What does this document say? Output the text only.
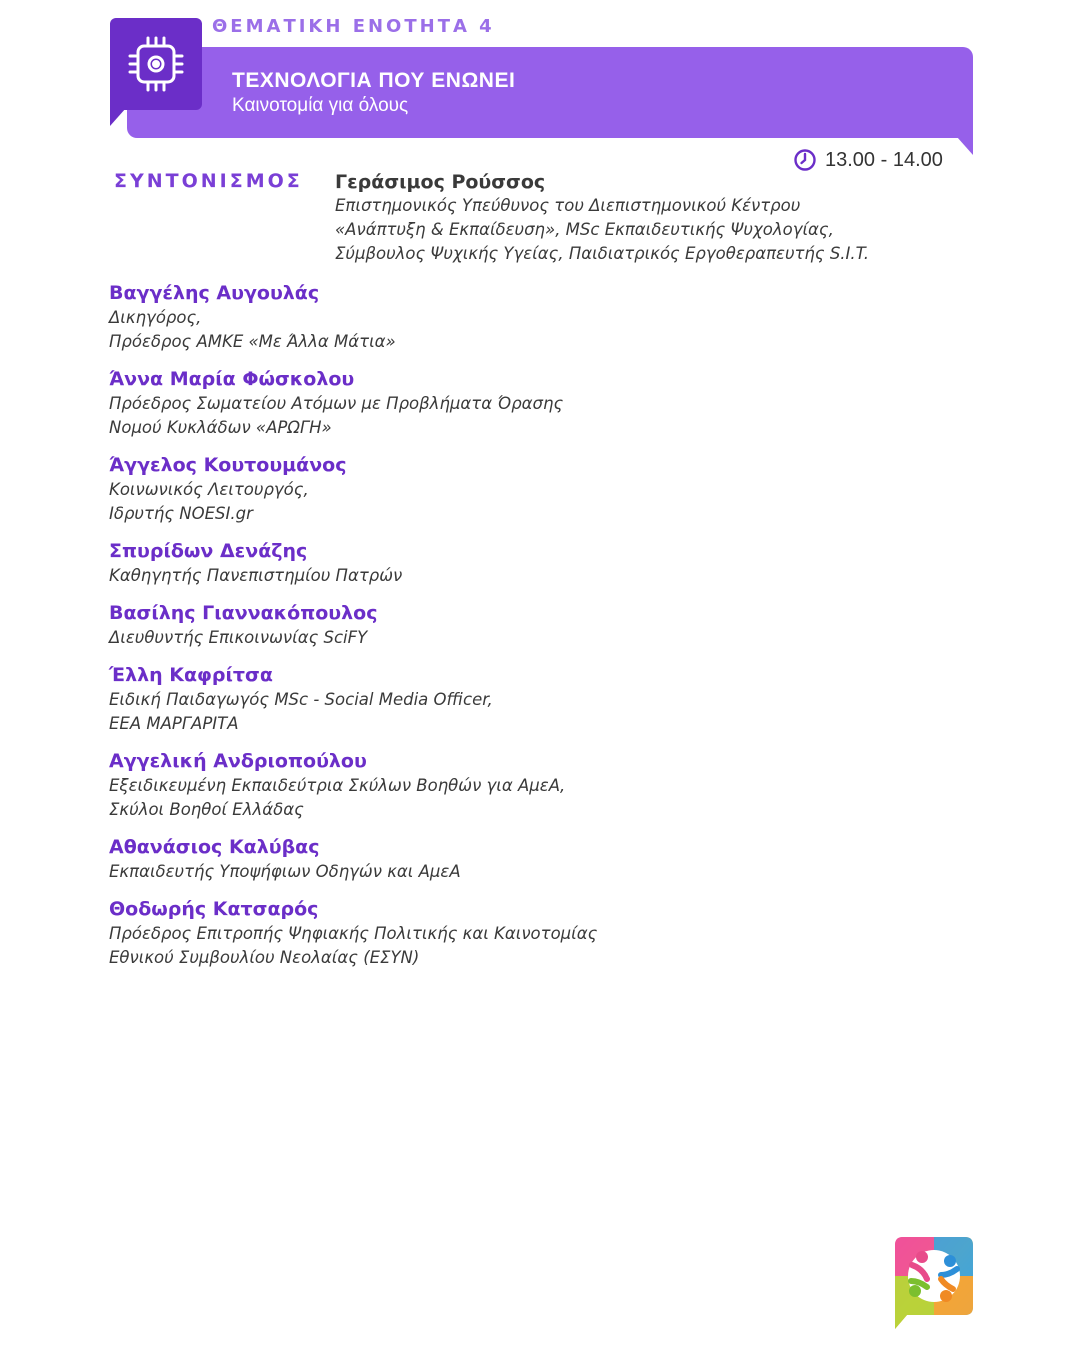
ΘΕΜΑΤΙΚΗ ΕΝΟΤΗΤΑ 4
ΤΕΧΝΟΛΟΓΙΑ ΠΟΥ ΕΝΩΝΕΙ
Καινοτομία για όλους
13.00 - 14.00
ΣΥΝΤΟΝΙΣΜΟΣ Γεράσιμος Ρούσσος
Επιστημονικός Υπεύθυνος του Διεπιστημονικού Κέντρου
«Ανάπτυξη & Εκπαίδευση», MSc Εκπαιδευτικής Ψυχολογίας,
Σύμβουλος Ψυχικής Υγείας, Παιδιατρικός Εργοθεραπευτής S.I.T.
Βαγγέλης Αυγουλάς
Δικηγόρος,
Πρόεδρος ΑΜΚΕ «Με Άλλα Μάτια»
Άννα Μαρία Φώσκολου
Πρόεδρος Σωματείου Ατόμων με Προβλήματα Όρασης
Νομού Κυκλάδων «ΑΡΩΓΗ»
Άγγελος Κουτουμάνος
Κοινωνικός Λειτουργός,
Ιδρυτής NOESI.gr
Σπυρίδων Δενάζης
Καθηγητής Πανεπιστημίου Πατρών
Βασίλης Γιαννακόπουλος
Διευθυντής Επικοινωνίας SciFY
Έλλη Καφρίτσα
Ειδική Παιδαγωγός MSc - Social Media Officer,
ΕΕΑ ΜΑΡΓΑΡΙΤΑ
Αγγελική Ανδριοπούλου
Εξειδικευμένη Εκπαιδεύτρια Σκύλων Βοηθών για ΑμεΑ,
Σκύλοι Βοηθοί Ελλάδας
Αθανάσιος Καλύβας
Εκπαιδευτής Υποψήφιων Οδηγών και ΑμεΑ
Θοδωρής Κατσαρός
Πρόεδρος Επιτροπής Ψηφιακής Πολιτικής και Καινοτομίας
Εθνικού Συμβουλίου Νεολαίας (ΕΣΥΝ)
